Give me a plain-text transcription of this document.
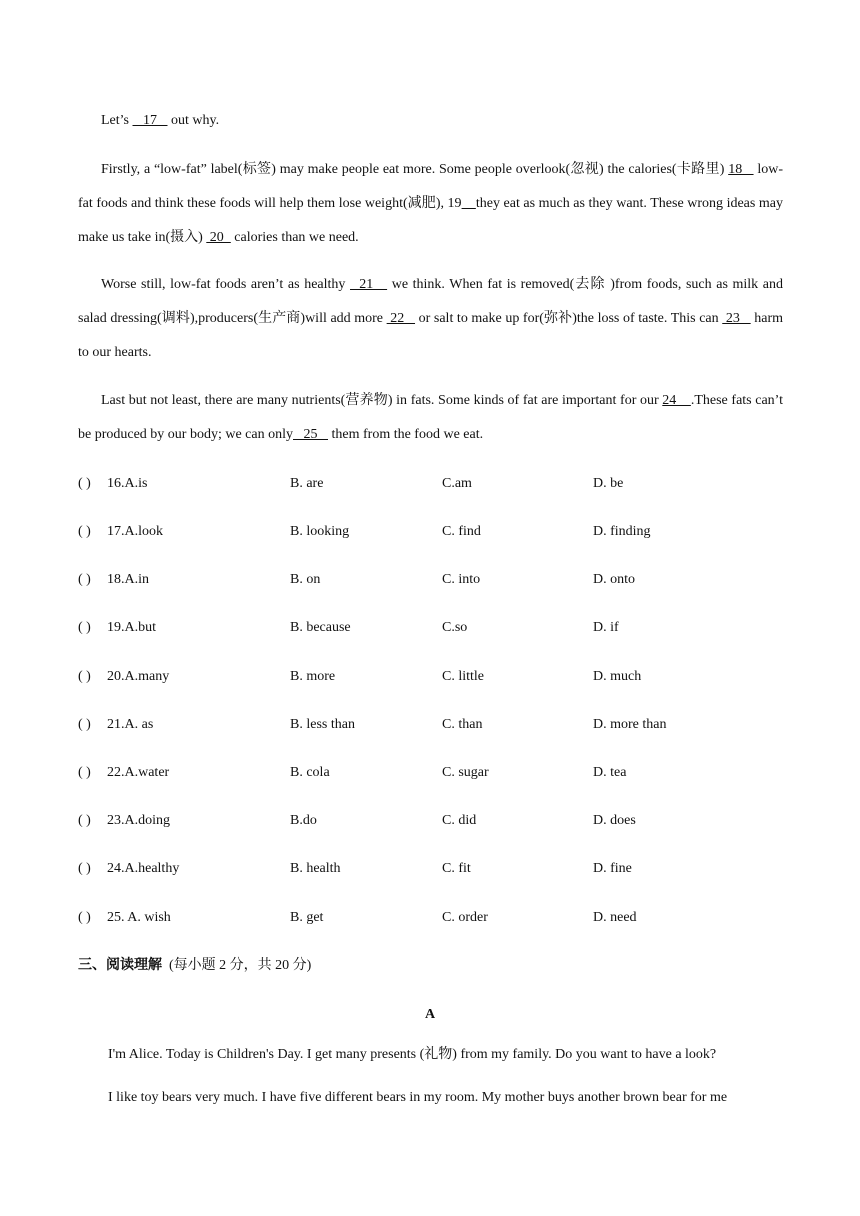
Let’s    17    out why.

Firstly, a “low-fat” label(标签) may make people eat more. Some people overlook(忽视) the calories(卡路里) 18    low-fat foods and think these foods will help them lose weight(减肥), 19 they eat as much as they want. These wrong ideas may make us take in(摄入)  20   calories than we need.

Worse still, low-fat foods aren’t as healthy   21    we think. When fat is removed(去除 )from foods, such as milk and salad dressing(调料),producers(生产商)will add more  22    or salt to make up for(弥补)the loss of taste. This can  23    harm to our hearts.

Last but not least, there are many nutrients(营养物) in fats. Some kinds of fat are important for our 24    .These fats can’t be produced by our body; we can only   25    them from the food we eat.

( ) 16.A.is	B. are	C.am	D. be
( ) 17.A.look	B. looking	C. find	D. finding
( ) 18.A.in	B. on	C. into	D. onto
( ) 19.A.but	B. because	C.so	D. if
( ) 20.A.many	B. more	C. little	D. much
( ) 21.A. as	B. less than	C. than	D. more than
( ) 22.A.water	B. cola	C. sugar	D. tea
( ) 23.A.doing	B.do	C. did	D. does
( ) 24.A.healthy	B. health	C. fit	D. fine
( ) 25. A. wish	B. get	C. order	D. need
三、阅读理解  (每小题 2 分，共 20 分)
A
I'm Alice. Today is Children's Day. I get many presents (礼物) from my family. Do you want to have a look?
I like toy bears very much. I have five different bears in my room. My mother buys another brown bear for me
